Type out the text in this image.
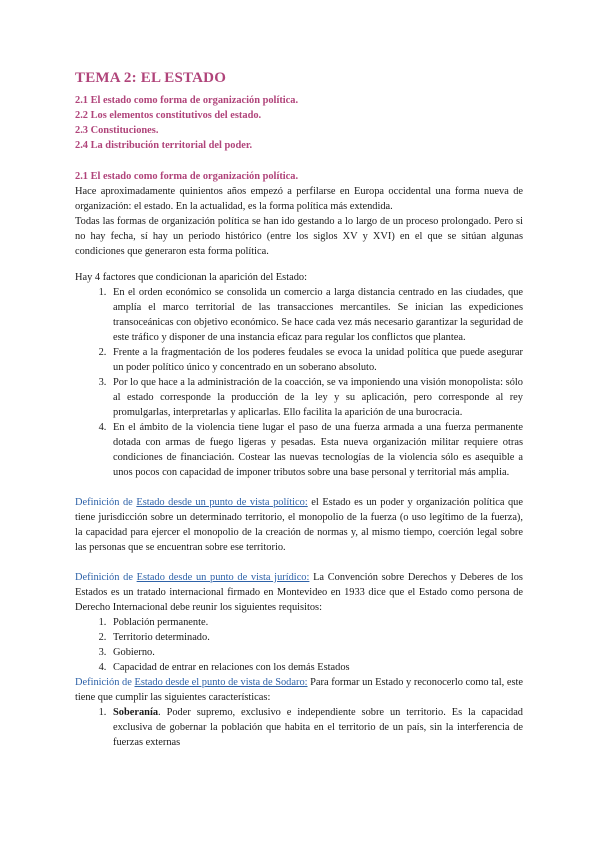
TEMA 2: EL ESTADO
2.1 El estado como forma de organización política.
2.2 Los elementos constitutivos del estado.
2.3 Constituciones.
2.4 La distribución territorial del poder.
2.1 El estado como forma de organización política.

Hace aproximadamente quinientos años empezó a perfilarse en Europa occidental una forma nueva de organización: el estado. En la actualidad, es la forma política más extendida.

Todas las formas de organización política se han ido gestando a lo largo de un proceso prolongado. Pero si no hay fecha, sí hay un periodo histórico (entre los siglos XV y XVI) en el que se sitúan algunas condiciones que generaron esta forma política.

Hay 4 factores que condicionan la aparición del Estado:

1. En el orden económico se consolida un comercio a larga distancia centrado en las ciudades, que amplía el marco territorial de las transacciones mercantiles. Se inician las expediciones transoceánicas con objetivo económico. Se hace cada vez más necesario garantizar la seguridad de este tráfico y disponer de una instancia eficaz para regular los conflictos que plantea.
2. Frente a la fragmentación de los poderes feudales se evoca la unidad política que puede asegurar un poder político único y concentrado en un soberano absoluto.
3. Por lo que hace a la administración de la coacción, se va imponiendo una visión monopolista: sólo al estado corresponde la producción de la ley y su aplicación, pero corresponde al rey promulgarlas, interpretarlas y aplicarlas. Ello facilita la aparición de una burocracia.
4. En el ámbito de la violencia tiene lugar el paso de una fuerza armada a una fuerza permanente dotada con armas de fuego ligeras y pesadas. Esta nueva organización militar requiere otras condiciones de financiación. Costear las nuevas tecnologías de la violencia sólo es asequible a unos pocos con capacidad de imponer tributos sobre una base personal y territorial más amplia.

Definición de Estado desde un punto de vista político: el Estado es un poder y organización política que tiene jurisdicción sobre un determinado territorio, el monopolio de la fuerza (o uso legítimo de la fuerza), la capacidad para ejercer el monopolio de la creación de normas y, al mismo tiempo, coerción legal sobre las personas que se encuentran sobre ese territorio.

Definición de Estado desde un punto de vista jurídico: La Convención sobre Derechos y Deberes de los Estados es un tratado internacional firmado en Montevideo en 1933 dice que el Estado como persona de Derecho Internacional debe reunir los siguientes requisitos:

1. Población permanente.
2. Territorio determinado.
3. Gobierno.
4. Capacidad de entrar en relaciones con los demás Estados

Definición de Estado desde el punto de vista de Sodaro: Para formar un Estado y reconocerlo como tal, este tiene que cumplir las siguientes características:

1. Soberanía. Poder supremo, exclusivo e independiente sobre un territorio. Es la capacidad exclusiva de gobernar la población que habita en el territorio de un país, sin la interferencia de fuerzas externas
